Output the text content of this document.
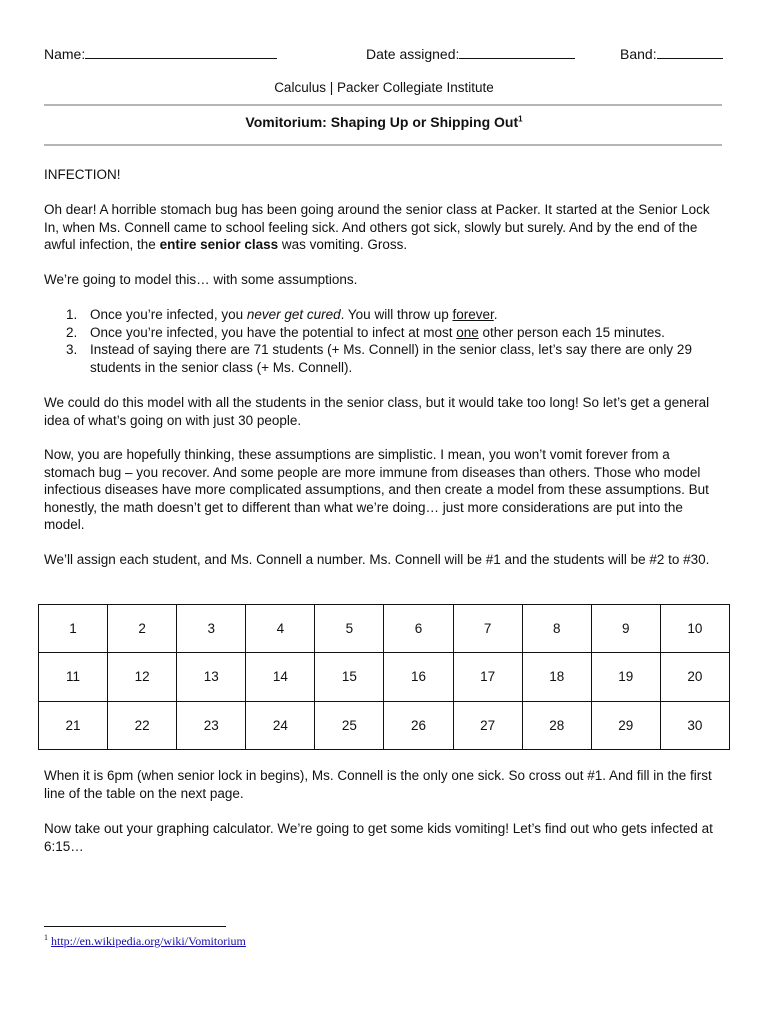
Name:	Date assigned:	Band:
Calculus | Packer Collegiate Institute
Vomitorium: Shaping Up or Shipping Out$^1$

INFECTION!

Oh dear! A horrible stomach bug has been going around the senior class at Packer. It started at the Senior Lock In, when Ms. Connell came to school feeling sick. And others got sick, slowly but surely. And by the end of the awful infection, the entire senior class was vomiting. Gross.

We’re going to model this… with some assumptions.

1. Once you’re infected, you never get cured. You will throw up forever.
2. Once you’re infected, you have the potential to infect at most one other person each 15 minutes.
3. Instead of saying there are 71 students (+ Ms. Connell) in the senior class, let’s say there are only 29 students in the senior class (+ Ms. Connell).

We could do this model with all the students in the senior class, but it would take too long! So let’s get a general idea of what’s going on with just 30 people.

Now, you are hopefully thinking, these assumptions are simplistic. I mean, you won’t vomit forever from a stomach bug – you recover. And some people are more immune from diseases than others. Those who model infectious diseases have more complicated assumptions, and then create a model from these assumptions. But honestly, the math doesn’t get to different than what we’re doing… just more considerations are put into the model.

We’ll assign each student, and Ms. Connell a number. Ms. Connell will be #1 and the students will be #2 to #30.

1	2	3	4	5	6	7	8	9	10
11	12	13	14	15	16	17	18	19	20
21	22	23	24	25	26	27	28	29	30

When it is 6pm (when senior lock in begins), Ms. Connell is the only one sick. So cross out #1. And fill in the first line of the table on the next page.

Now take out your graphing calculator. We’re going to get some kids vomiting! Let’s find out who gets infected at 6:15…

$^1$ http://en.wikipedia.org/wiki/Vomitorium
